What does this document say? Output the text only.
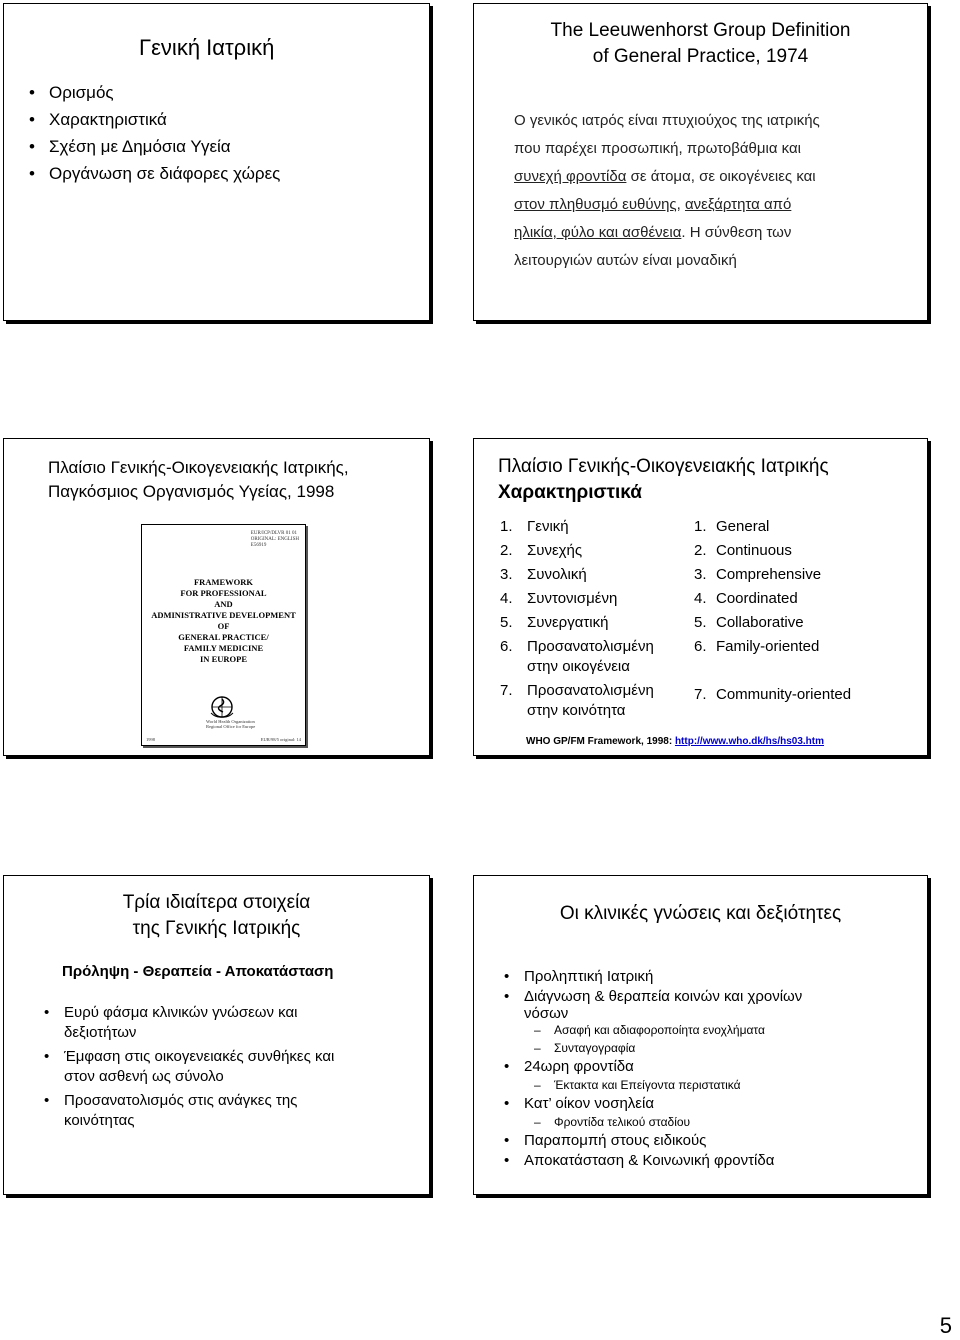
Γενική Ιατρική
• Ορισμός
• Χαρακτηριστικά
• Σχέση με Δημόσια Υγεία
• Οργάνωση σε διάφορες χώρες
The Leeuwenhorst Group Definition
of General Practice, 1974
Ο γενικός ιατρός είναι πτυχιούχος της ιατρικής
που παρέχει προσωπική, πρωτοβάθμια και
συνεχή φροντίδα σε άτομα, σε οικογένειες και
στον πληθυσμό ευθύνης, ανεξάρτητα από
ηλικία, φύλο και ασθένεια. Η σύνθεση των
λειτουργιών αυτών είναι μοναδική
Πλαίσιο Γενικής-Οικογενειακής Ιατρικής,
Παγκόσμιος Οργανισμός Υγείας, 1998
EUR/ICP/DLVR 01 01
ORIGINAL: ENGLISH
E56919
FRAMEWORK
FOR PROFESSIONAL
AND
ADMINISTRATIVE DEVELOPMENT
OF
GENERAL PRACTICE/
FAMILY MEDICINE
IN EUROPE
World Health Organization
Regional Office for Europe
1998	EUR/98/5 original: 14
Πλαίσιο Γενικής-Οικογενειακής Ιατρικής
Χαρακτηριστικά
1. Γενική
2. Συνεχής
3. Συνολική
4. Συντονισμένη
5. Συνεργατική
6. Προσανατολισμένη
στην οικογένεια
7. Προσανατολισμένη
στην κοινότητα
1. General
2. Continuous
3. Comprehensive
4. Coordinated
5. Collaborative
6. Family-oriented
7. Community-oriented
WHO GP/FM Framework, 1998: http://www.who.dk/hs/hs03.htm
Τρία ιδιαίτερα στοιχεία
της Γενικής Ιατρικής
Πρόληψη - Θεραπεία - Αποκατάσταση
• Ευρύ φάσμα κλινικών γνώσεων και
δεξιοτήτων
• Έμφαση στις οικογενειακές συνθήκες και
στον ασθενή ως σύνολο
• Προσανατολισμός στις ανάγκες της
κοινότητας
Οι κλινικές γνώσεις και δεξιότητες
• Προληπτική Ιατρική
• Διάγνωση & θεραπεία κοινών και χρονίων
νόσων
– Ασαφή και αδιαφοροποίητα ενοχλήματα
– Συνταγογραφία
• 24ωρη φροντίδα
– Έκτακτα και Επείγοντα περιστατικά
• Κατ’ οίκον νοσηλεία
– Φροντίδα τελικού σταδίου
• Παραπομπή στους ειδικούς
• Αποκατάσταση & Κοινωνική φροντίδα
5
